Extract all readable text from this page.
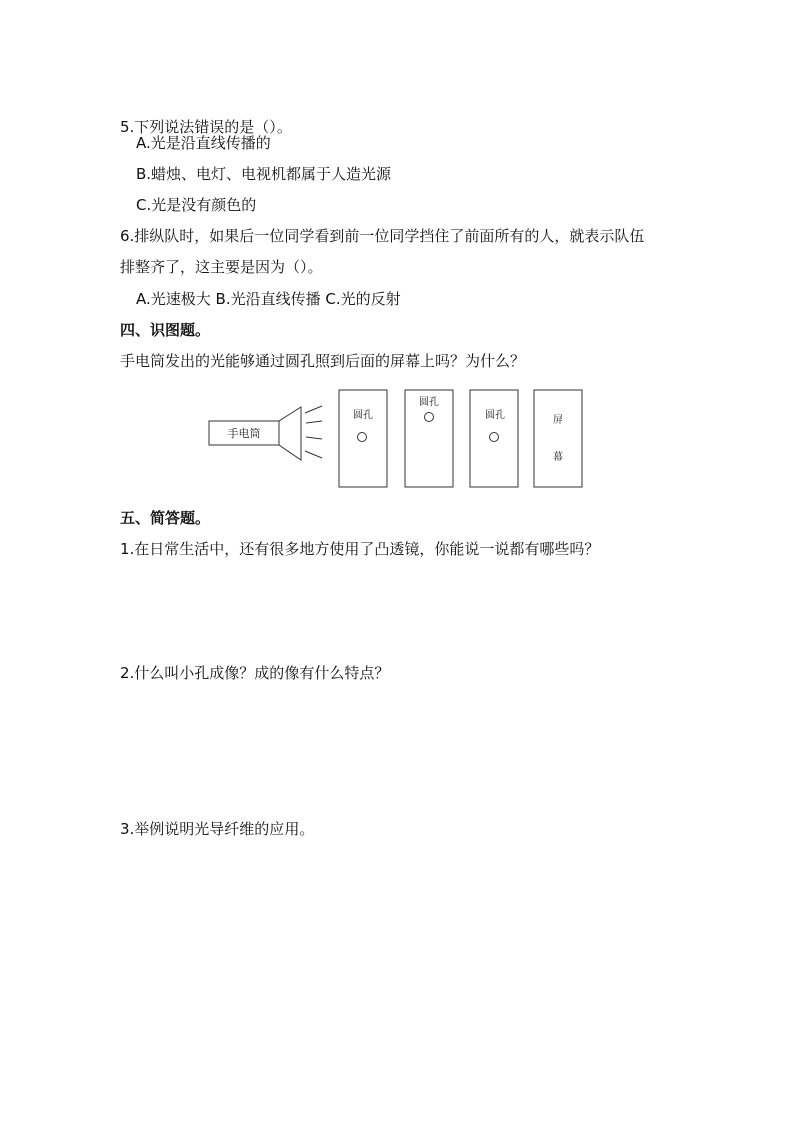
5.下列说法错误的是（）。
A.光是沿直线传播的
B.蜡烛、电灯、电视机都属于人造光源
C.光是没有颜色的
6.排纵队时，如果后一位同学看到前一位同学挡住了前面所有的人，就表示队伍
排整齐了，这主要是因为（）。
A.光速极大 B.光沿直线传播 C.光的反射
四、识图题。
手电筒发出的光能够通过圆孔照到后面的屏幕上吗？为什么？
手电筒
圆孔
圆孔
圆孔	屏
幕
五、简答题。
1.在日常生活中，还有很多地方使用了凸透镜，你能说一说都有哪些吗？
2.什么叫小孔成像？成的像有什么特点？
3.举例说明光导纤维的应用。
